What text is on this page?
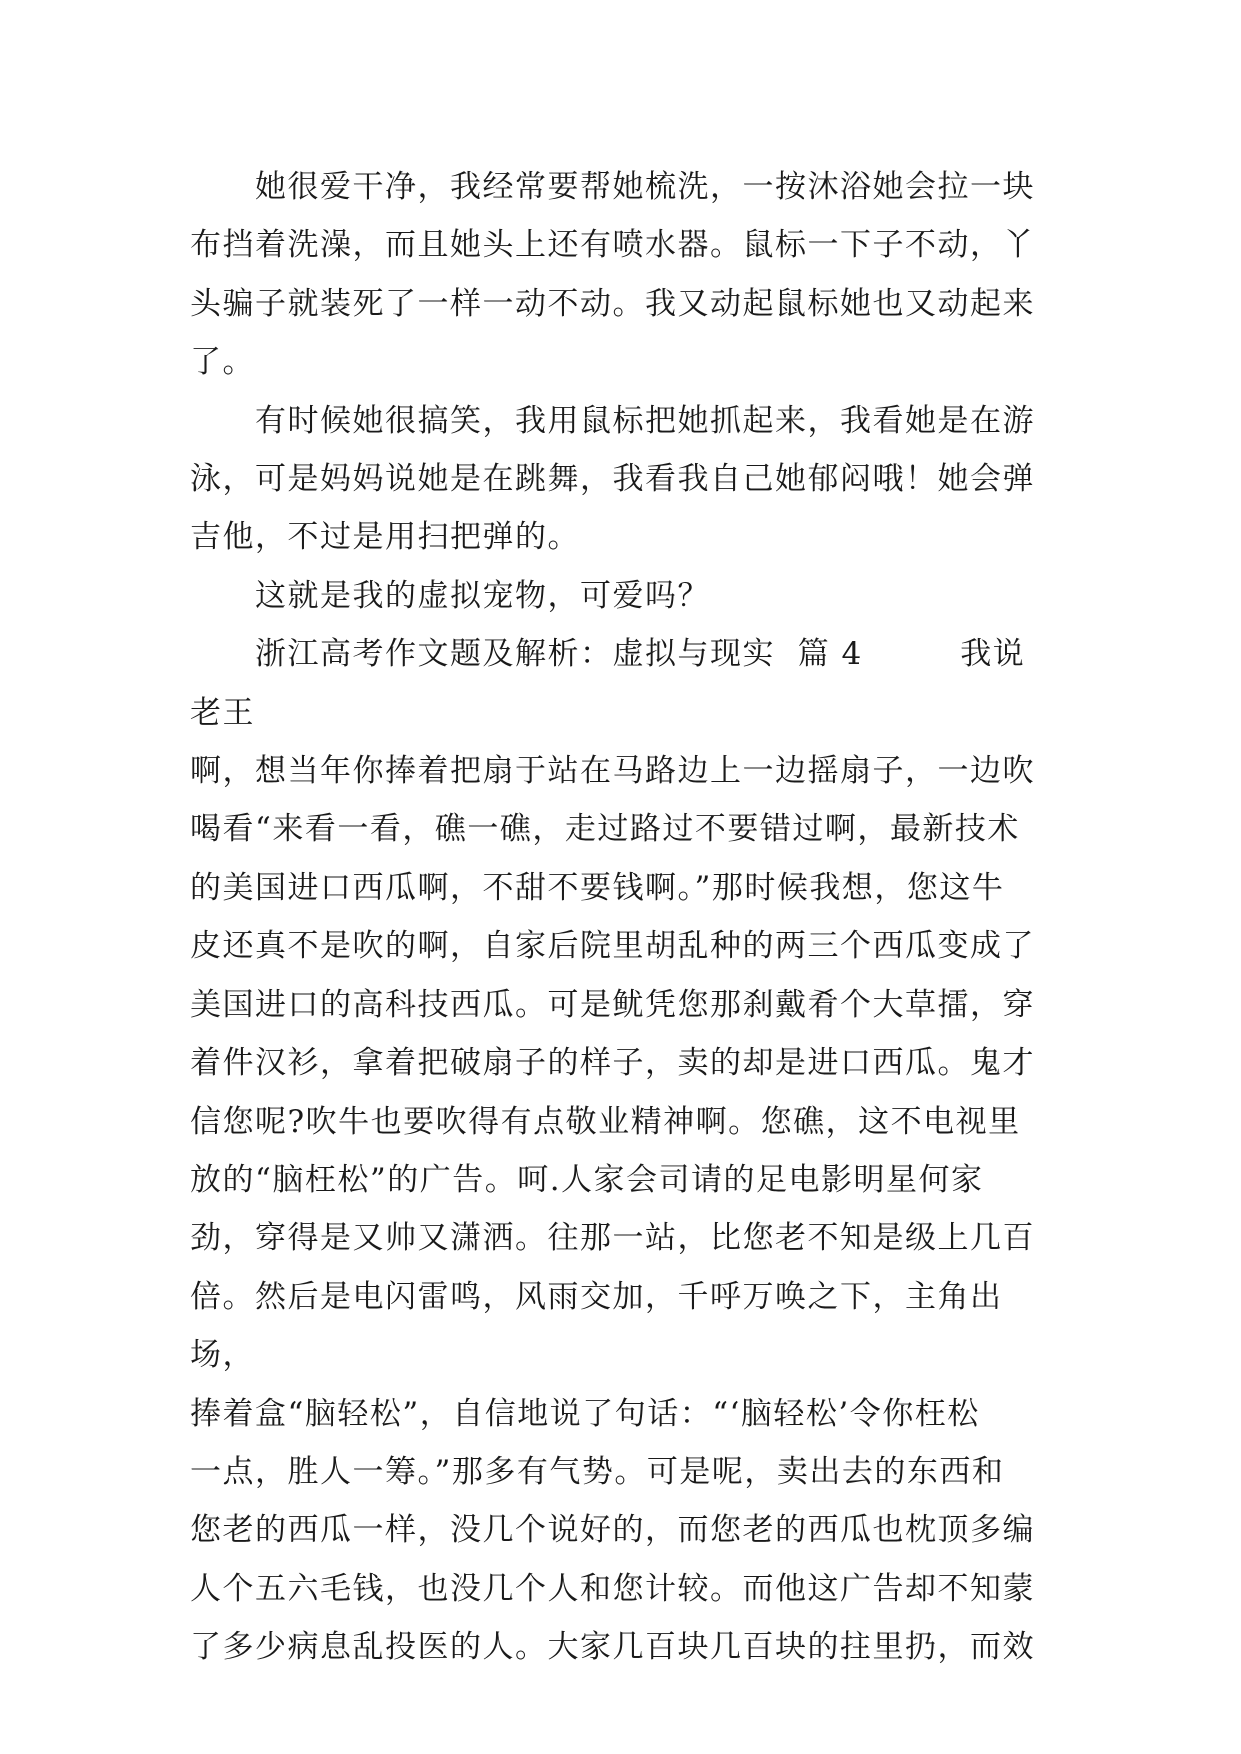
　　她很爱干净，我经常要帮她梳洗，一按沐浴她会拉一块
布挡着洗澡，而且她头上还有喷水器。鼠标一下子不动，丫
头骗子就装死了一样一动不动。我又动起鼠标她也又动起来
了。

　　有时候她很搞笑，我用鼠标把她抓起来，我看她是在游
泳，可是妈妈说她是在跳舞，我看我自己她郁闷哦！她会弹
吉他，不过是用扫把弹的。

　　这就是我的虚拟宠物，可爱吗？

　　浙江高考作文题及解析：虚拟与现实  篇 4　　　我说老王
啊，想当年你捧着把扇于站在马路边上一边摇扇子，一边吹
喝看“来看一看，礁一礁，走过路过不要错过啊，最新技术
的美国进口西瓜啊，不甜不要钱啊。”那时候我想，您这牛
皮还真不是吹的啊，自家后院里胡乱种的两三个西瓜变成了
美国进口的高科技西瓜。可是鱿凭您那刹戴肴个大草擂，穿
着件汉衫，拿着把破扇子的样子，卖的却是进口西瓜。鬼才
信您呢?吹牛也要吹得有点敬业精神啊。您礁，这不电视里
放的“脑枉松”的广告。呵.人家会司请的足电影明星何家
劲，穿得是又帅又潇洒。往那一站，比您老不知是级上几百
倍。然后是电闪雷鸣，风雨交加，千呼万唤之下，主角出场，
捧着盒“脑轻松”，自信地说了句话：“‘脑轻松’令你枉松
一点，胜人一筹。”那多有气势。可是呢，卖出去的东西和
您老的西瓜一样，没几个说好的，而您老的西瓜也枕顶多编
人个五六毛钱，也没几个人和您计较。而他这广告却不知蒙
了多少病息乱投医的人。大家几百块几百块的拄里扔，而效
